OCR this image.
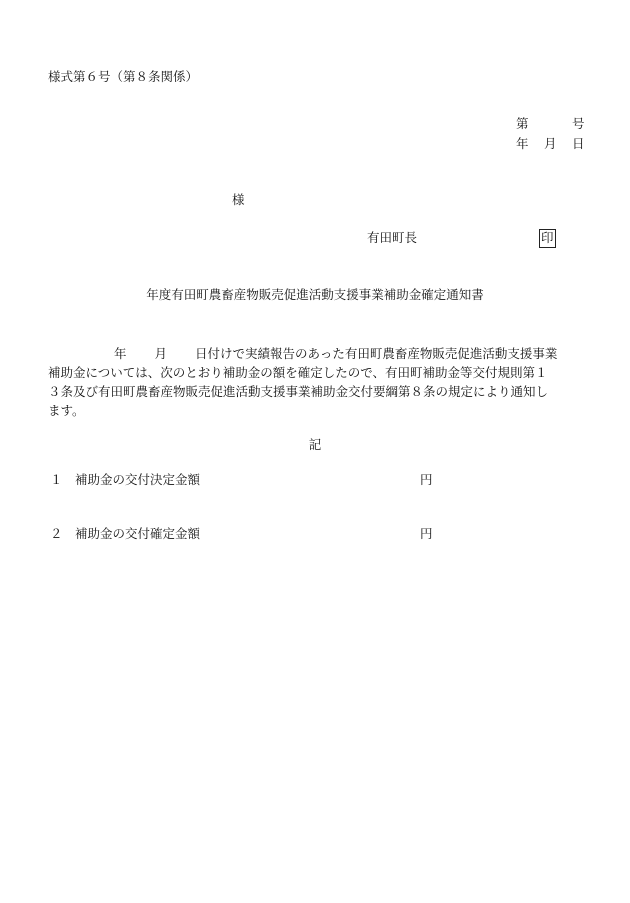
様式第６号（第８条関係）
第	号
年 月 日
様
有田町長	印
年度有田町農畜産物販売促進活動支援事業補助金確定通知書
年 月 日付けで実績報告のあった有田町農畜産物販売促進活動支援事業
補助金については、次のとおり補助金の額を確定したので、有田町補助金等交付規則第１
３条及び有田町農畜産物販売促進活動支援事業補助金交付要綱第８条の規定により通知し
ます。
記
１ 補助金の交付決定金額	円
２ 補助金の交付確定金額	円
